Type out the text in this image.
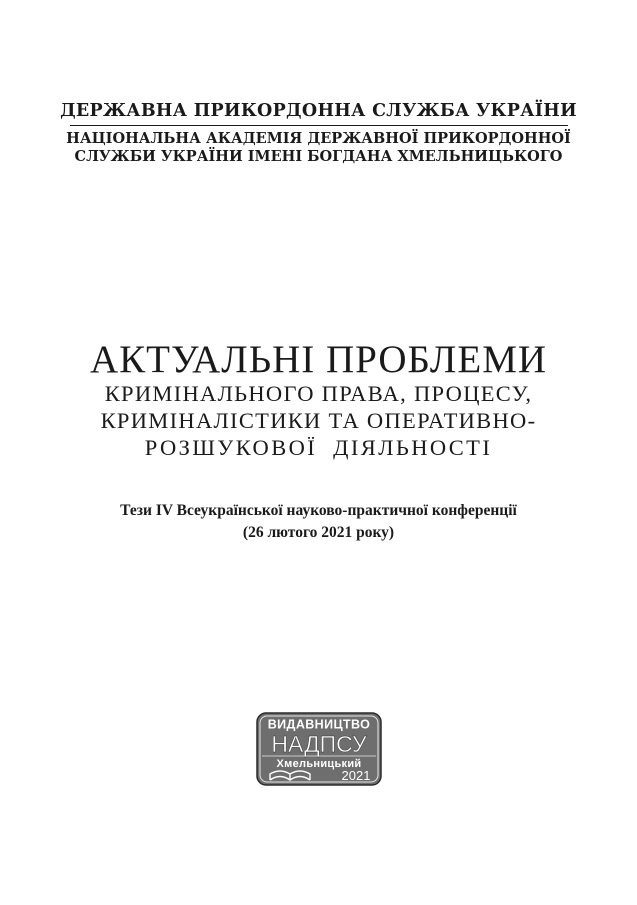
ДЕРЖАВНА ПРИКОРДОННА СЛУЖБА УКРАЇНИ
НАЦІОНАЛЬНА АКАДЕМІЯ ДЕРЖАВНОЇ ПРИКОРДОННОЇ
СЛУЖБИ УКРАЇНИ ІМЕНІ БОГДАНА ХМЕЛЬНИЦЬКОГО
АКТУАЛЬНІ ПРОБЛЕМИ
КРИМІНАЛЬНОГО ПРАВА, ПРОЦЕСУ,
КРИМІНАЛІСТИКИ ТА ОПЕРАТИВНО-
РОЗШУКОВОЇ ДІЯЛЬНОСТІ
Тези IV Всеукраїнської науково-практичної конференції
(26 лютого 2021 року)
ВИДАВНИЦТВО
НАДПСУ
Хмельницький
2021
